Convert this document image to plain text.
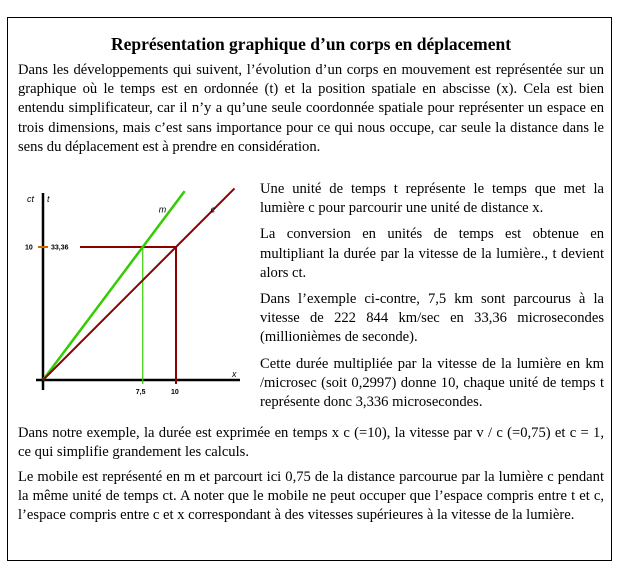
Représentation graphique d’un corps en déplacement

Dans les développements qui suivent, l’évolution d’un corps en mouvement est représentée sur un graphique où le temps est en ordonnée (t) et la position spatiale en abscisse (x). Cela est bien entendu simplificateur, car il n’y a qu’une seule coordonnée spatiale pour représenter un espace en trois dimensions, mais c’est sans importance pour ce qui nous occupe, car seule la distance dans le sens du déplacement est à prendre en considération.

m	c
ct t
x
10	33,36
7,5	10

Une unité de temps t représente le temps que met la lumière c pour parcourir une unité de distance x.

La conversion en unités de temps est obtenue en multipliant la durée par la vitesse de la lumière., t devient alors ct.

Dans l’exemple ci-contre, 7,5 km sont parcourus à la vitesse de 222 844 km/sec en 33,36 microsecondes (millionièmes de seconde).

Cette durée multipliée par la vitesse de la lumière en km /microsec (soit 0,2997) donne 10, chaque unité de temps t représente donc 3,336 microsecondes.

Dans notre exemple, la durée est exprimée en temps x c (=10), la vitesse par v / c (=0,75) et c = 1, ce qui simplifie grandement les calculs.

Le mobile est représenté en m et parcourt ici 0,75 de la distance parcourue par la lumière c pendant la même unité de temps ct. A noter que le mobile ne peut occuper que l’espace compris entre t et c, l’espace compris entre c et x correspondant à des vitesses supérieures à la vitesse de la lumière.
